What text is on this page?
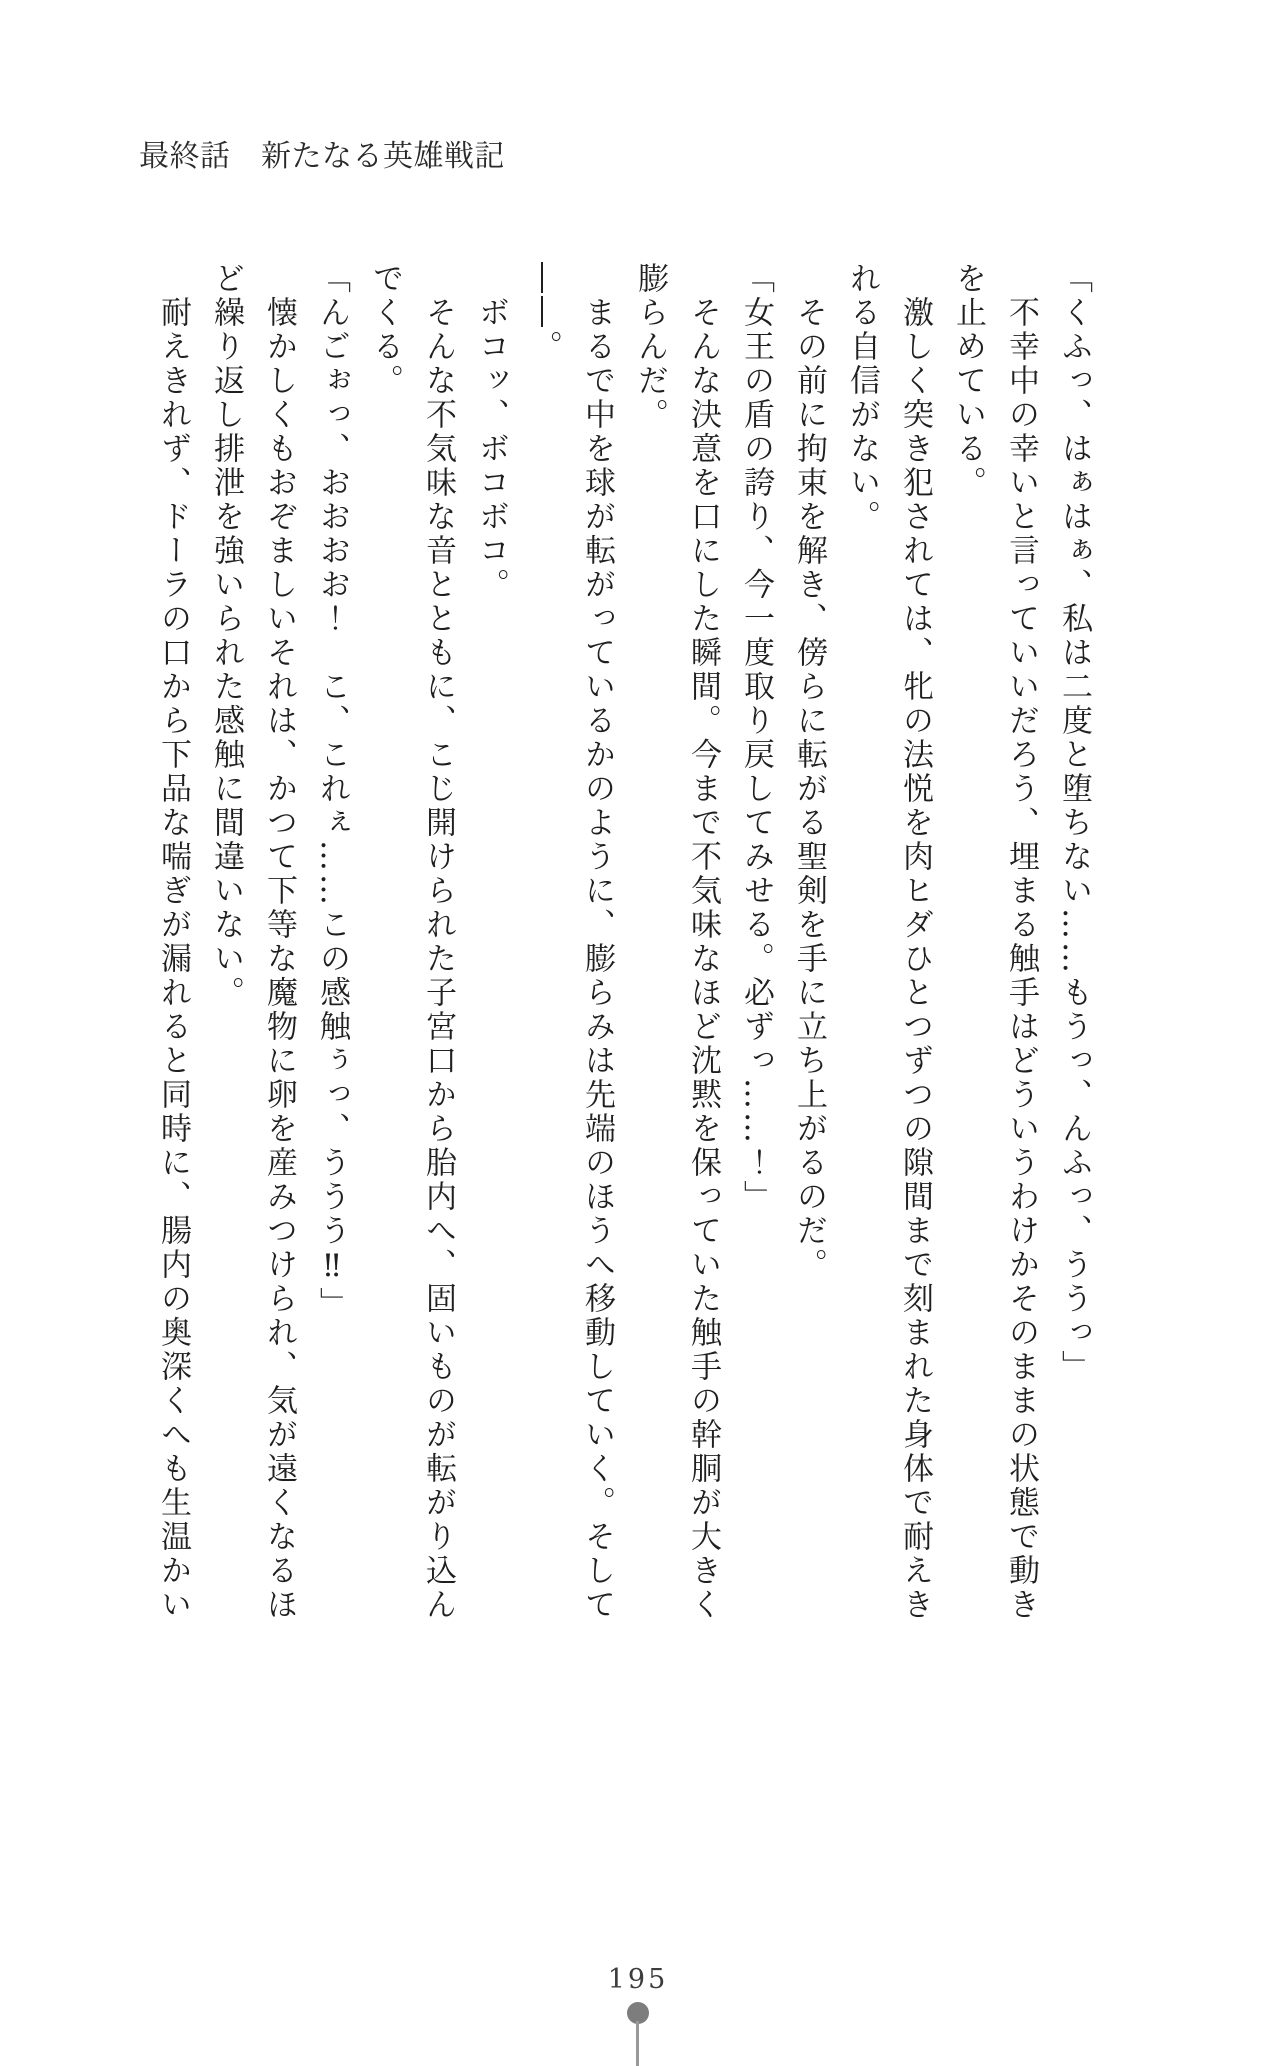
最終話　新たなる英雄戦記

「くふっ、はぁはぁ、私は二度と堕ちない……もうっ、んふっ、ううっ」

　不幸中の幸いと言っていいだろう、埋まる触手はどういうわけかそのままの状態で動き

を止めている。

　激しく突き犯されては、牝の法悦を肉ヒダひとつずつの隙間まで刻まれた身体で耐えき

れる自信がない。

　その前に拘束を解き、傍らに転がる聖剣を手に立ち上がるのだ。

「女王の盾の誇り、今一度取り戻してみせる。必ずっ……！」

　そんな決意を口にした瞬間。今まで不気味なほど沈黙を保っていた触手の幹胴が大きく

膨らんだ。

　まるで中を球が転がっているかのように、膨らみは先端のほうへ移動していく。そして

――。

　ボコッ、ボコボコ。

　そんな不気味な音とともに、こじ開けられた子宮口から胎内へ、固いものが転がり込ん

でくる。

「んごぉっ、おおおお！　こ、これぇ……この感触ぅっ、ううう‼」

　懐かしくもおぞましいそれは、かつて下等な魔物に卵を産みつけられ、気が遠くなるほ

ど繰り返し排泄を強いられた感触に間違いない。

　耐えきれず、ドーラの口から下品な喘ぎが漏れると同時に、腸内の奥深くへも生温かい

195
